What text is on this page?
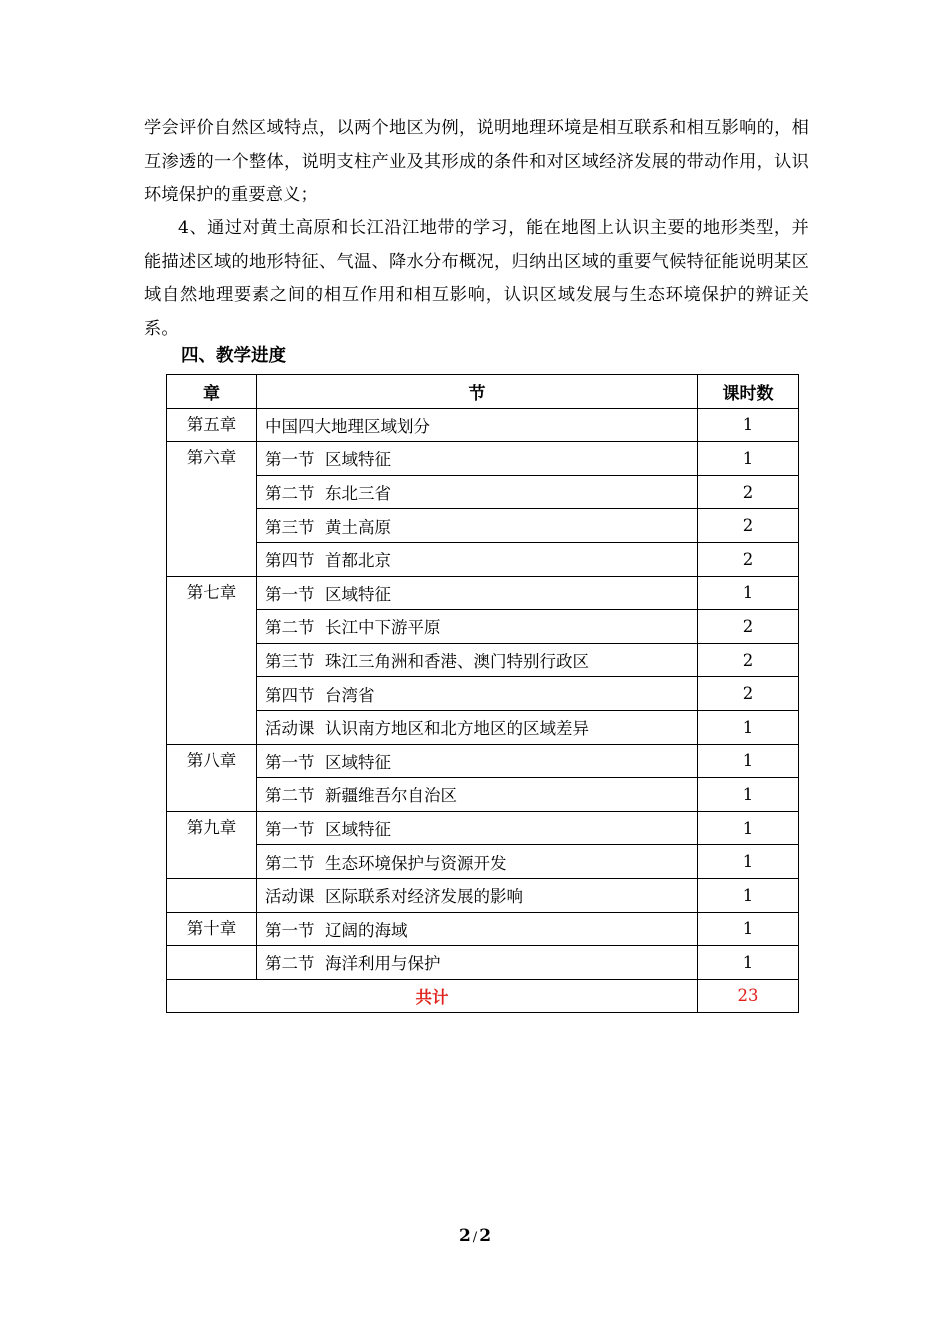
学会评价自然区域特点，以两个地区为例，说明地理环境是相互联系和相互影响的，相互渗透的一个整体，说明支柱产业及其形成的条件和对区域经济发展的带动作用，认识环境保护的重要意义；
4、通过对黄土高原和长江沿江地带的学习，能在地图上认识主要的地形类型，并能描述区域的地形特征、气温、降水分布概况，归纳出区域的重要气候特征能说明某区域自然地理要素之间的相互作用和相互影响，认识区域发展与生态环境保护的辨证关系。
四、教学进度
章	节	课时数

第五章	中国四大地理区域划分	1

第六章	第一节  区域特征	1
	第二节  东北三省	2
	第三节  黄土高原	2
	第四节  首都北京	2

第七章	第一节  区域特征	1
	第二节  长江中下游平原	2
	第三节  珠江三角洲和香港、澳门特别行政区	2
	第四节  台湾省	2
	活动课  认识南方地区和北方地区的区域差异	1

第八章	第一节  区域特征	1
	第二节  新疆维吾尔自治区	1

第九章	第一节  区域特征	1
	第二节  生态环境保护与资源开发	1

	活动课  区际联系对经济发展的影响	1

第十章	第一节  辽阔的海域	1

	第二节  海洋利用与保护	1
共计		23
2 / 2
